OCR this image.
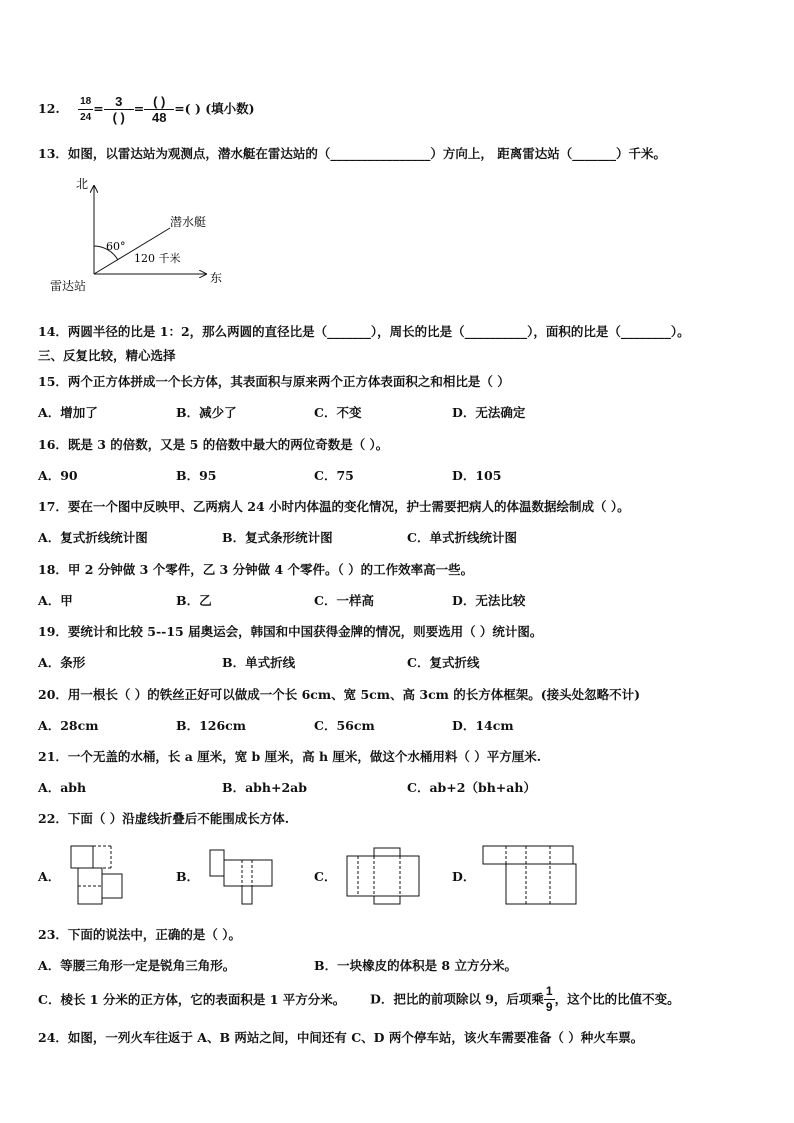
12. $\frac{18}{24} = \frac{3}{( )} = \frac{( )}{48}$ =( ) (填小数)
13．如图，以雷达站为观测点，潜水艇在雷达站的（________________）方向上， 距离雷达站（_______）千米。
北
东
雷达站
潜水艇
60°
120 千米
14．两圆半径的比是 1：2，那么两圆的直径比是（_______），周长的比是（__________），面积的比是（________）。
三、反复比较，精心选择
15．两个正方体拼成一个长方体，其表面积与原来两个正方体表面积之和相比是（ ）
A．增加了	B．减少了	C．不变	D．无法确定
16．既是 3 的倍数，又是 5 的倍数中最大的两位奇数是（ ）。
A．90	B．95	C．75	D．105
17．要在一个图中反映甲、乙两病人 24 小时内体温的变化情况，护士需要把病人的体温数据绘制成（ ）。
A．复式折线统计图	B．复式条形统计图	C．单式折线统计图
18．甲 2 分钟做 3 个零件，乙 3 分钟做 4 个零件。（ ）的工作效率高一些。
A．甲	B．乙	C．一样高	D．无法比较
19．要统计和比较 5--15 届奥运会，韩国和中国获得金牌的情况，则要选用（ ）统计图。
A．条形	B．单式折线	C．复式折线
20．用一根长（ ）的铁丝正好可以做成一个长 6cm、宽 5cm、高 3cm 的长方体框架。(接头处忽略不计)
A．28cm	B．126cm	C．56cm	D．14cm
21．一个无盖的水桶，长 a 厘米，宽 b 厘米，高 h 厘米，做这个水桶用料（ ）平方厘米.
A．abh	B．abh+2ab	C．ab+2（bh+ah）
22．下面（ ）沿虚线折叠后不能围成长方体.
A．	B．	C．	D．
23．下面的说法中，正确的是（ ）。
A．等腰三角形一定是锐角三角形。	B．一块橡皮的体积是 8 立方分米。
C．棱长 1 分米的正方体，它的表面积是 1 平方分米。 D．把比的前项除以 9，后项乘 $\frac{1}{9}$ ，这个比的比值不变。
24．如图，一列火车往返于 A、B 两站之间，中间还有 C、D 两个停车站，该火车需要准备（ ）种火车票。
